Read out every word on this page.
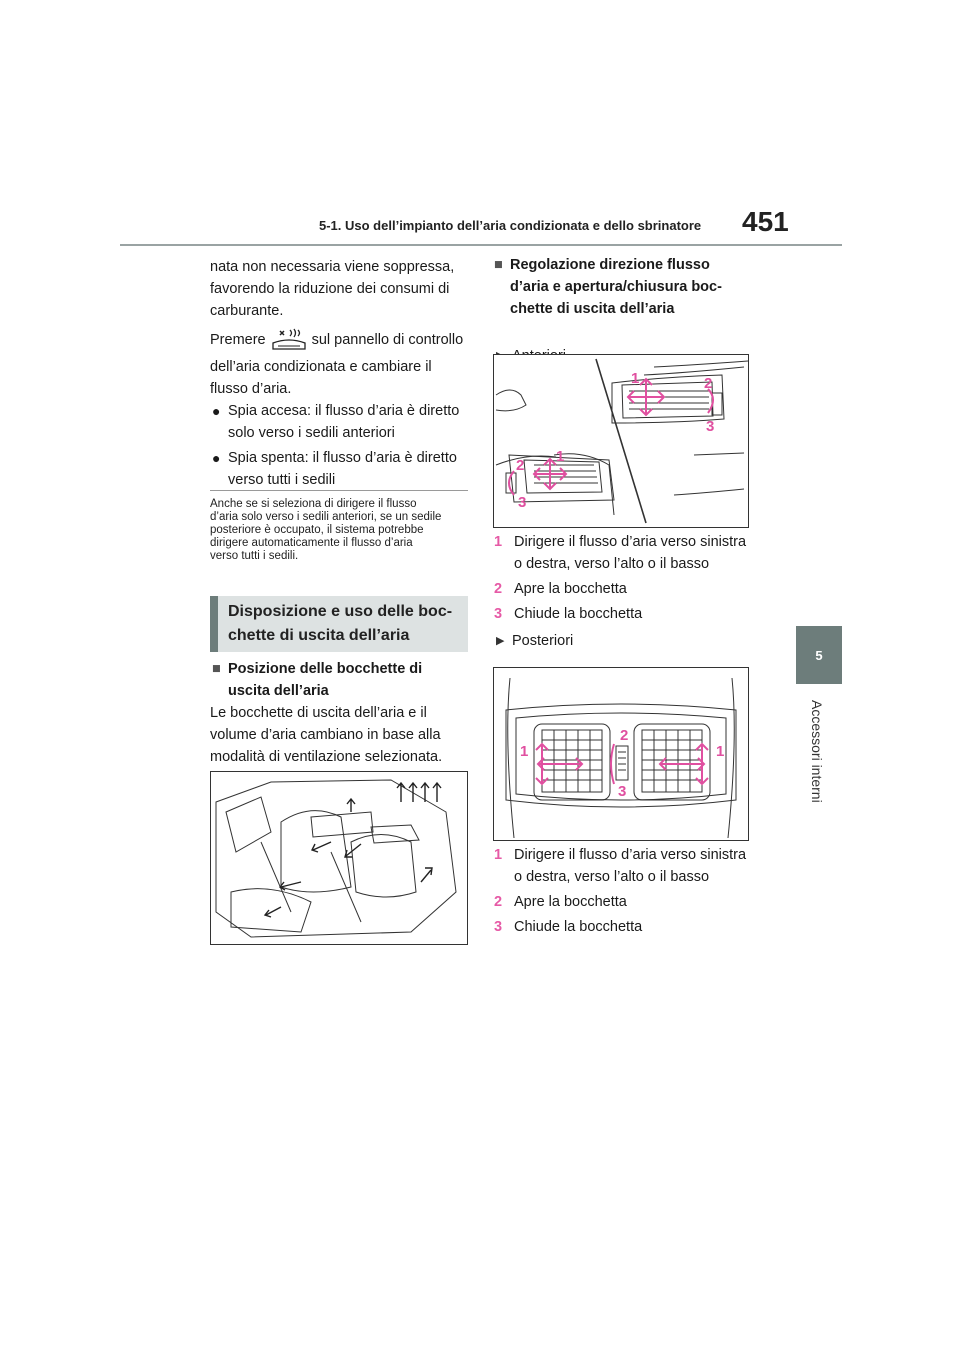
5-1. Uso dell’impianto dell’aria condizionata e dello sbrinatore 451
5
Accessori interni
nata non necessaria viene soppressa,
favorendo la riduzione dei consumi di
carburante.
Premere	sul pannello di controllo
dell’aria condizionata e cambiare il
flusso d’aria.
● Spia accesa: il flusso d’aria è diretto
solo verso i sedili anteriori
● Spia spenta: il flusso d’aria è diretto
verso tutti i sedili
Anche se si seleziona di dirigere il flusso
d’aria solo verso i sedili anteriori, se un sedile
posteriore è occupato, il sistema potrebbe
dirigere automaticamente il flusso d’aria
verso tutti i sedili.
Disposizione e uso delle boc-
chette di uscita dell’aria
■ Posizione delle bocchette di
uscita dell’aria
Le bocchette di uscita dell’aria e il
volume d’aria cambiano in base alla
modalità di ventilazione selezionata.
■ Regolazione direzione flusso
d’aria e apertura/chiusura boc-
chette di uscita dell’aria
1	2
3
1
2
3
1 Dirigere il flusso d’aria verso sinistra
o destra, verso l’alto o il basso
2 Apre la bocchetta
3 Chiude la bocchetta
▶ Posteriori
1	1
2
3
1 Dirigere il flusso d’aria verso sinistra
o destra, verso l’alto o il basso
2 Apre la bocchetta
3 Chiude la bocchetta
